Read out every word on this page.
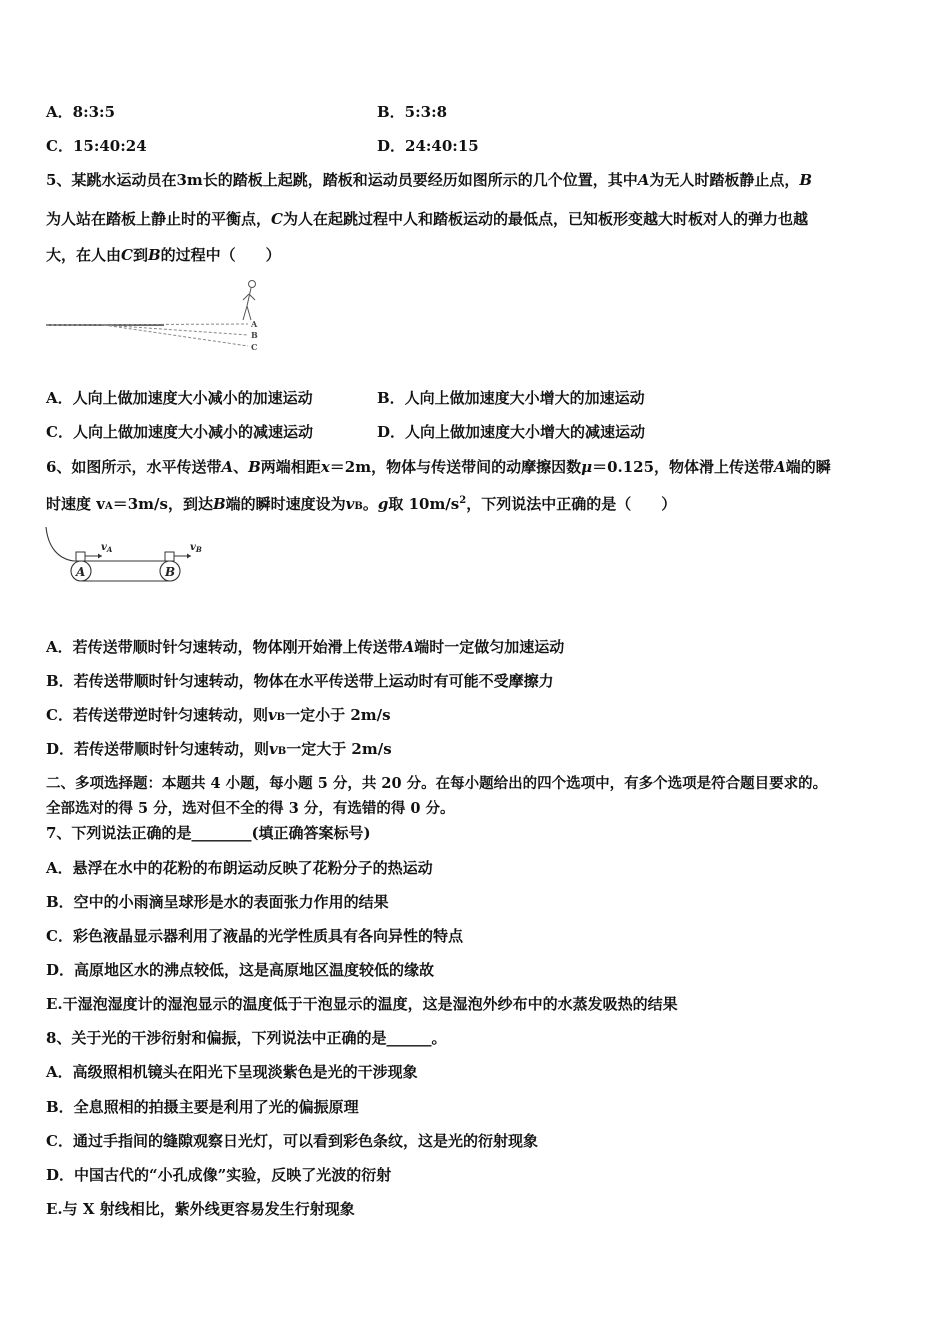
A．8:3:5	B．5:3:8
C．15:40:24	D．24:40:15
5、某跳水运动员在3m长的踏板上起跳，踏板和运动员要经历如图所示的几个位置，其中A为无人时踏板静止点，B
为人站在踏板上静止时的平衡点，C为人在起跳过程中人和踏板运动的最低点，已知板形变越大时板对人的弹力也越
大，在人由C到B的过程中（　　）
A
B
C
A．人向上做加速度大小减小的加速运动	B．人向上做加速度大小增大的加速运动
C．人向上做加速度大小减小的减速运动	D．人向上做加速度大小增大的减速运动
6、如图所示，水平传送带A、B两端相距x＝2m，物体与传送带间的动摩擦因数μ＝0.125，物体滑上传送带A端的瞬
时速度 vA＝3m/s，到达B端的瞬时速度设为vB。g取 $10m/s^2$，下列说法中正确的是（　　）
A	B
$v_A$	$v_B$
A．若传送带顺时针匀速转动，物体刚开始滑上传送带A端时一定做匀加速运动
B．若传送带顺时针匀速转动，物体在水平传送带上运动时有可能不受摩擦力
C．若传送带逆时针匀速转动，则vB一定小于 2m/s
D．若传送带顺时针匀速转动，则vB一定大于 2m/s
二、多项选择题：本题共 4 小题，每小题 5 分，共 20 分。在每小题给出的四个选项中，有多个选项是符合题目要求的。
全部选对的得 5 分，选对但不全的得 3 分，有选错的得 0 分。
7、下列说法正确的是________(填正确答案标号)
A．悬浮在水中的花粉的布朗运动反映了花粉分子的热运动
B．空中的小雨滴呈球形是水的表面张力作用的结果
C．彩色液晶显示器利用了液晶的光学性质具有各向异性的特点
D．高原地区水的沸点较低，这是高原地区温度较低的缘故
E.干湿泡湿度计的湿泡显示的温度低于干泡显示的温度，这是湿泡外纱布中的水蒸发吸热的结果
8、关于光的干涉衍射和偏振，下列说法中正确的是______。
A．高级照相机镜头在阳光下呈现淡紫色是光的干涉现象
B．全息照相的拍摄主要是利用了光的偏振原理
C．通过手指间的缝隙观察日光灯，可以看到彩色条纹，这是光的衍射现象
D．中国古代的“小孔成像”实验，反映了光波的衍射
E.与 X 射线相比，紫外线更容易发生行射现象
